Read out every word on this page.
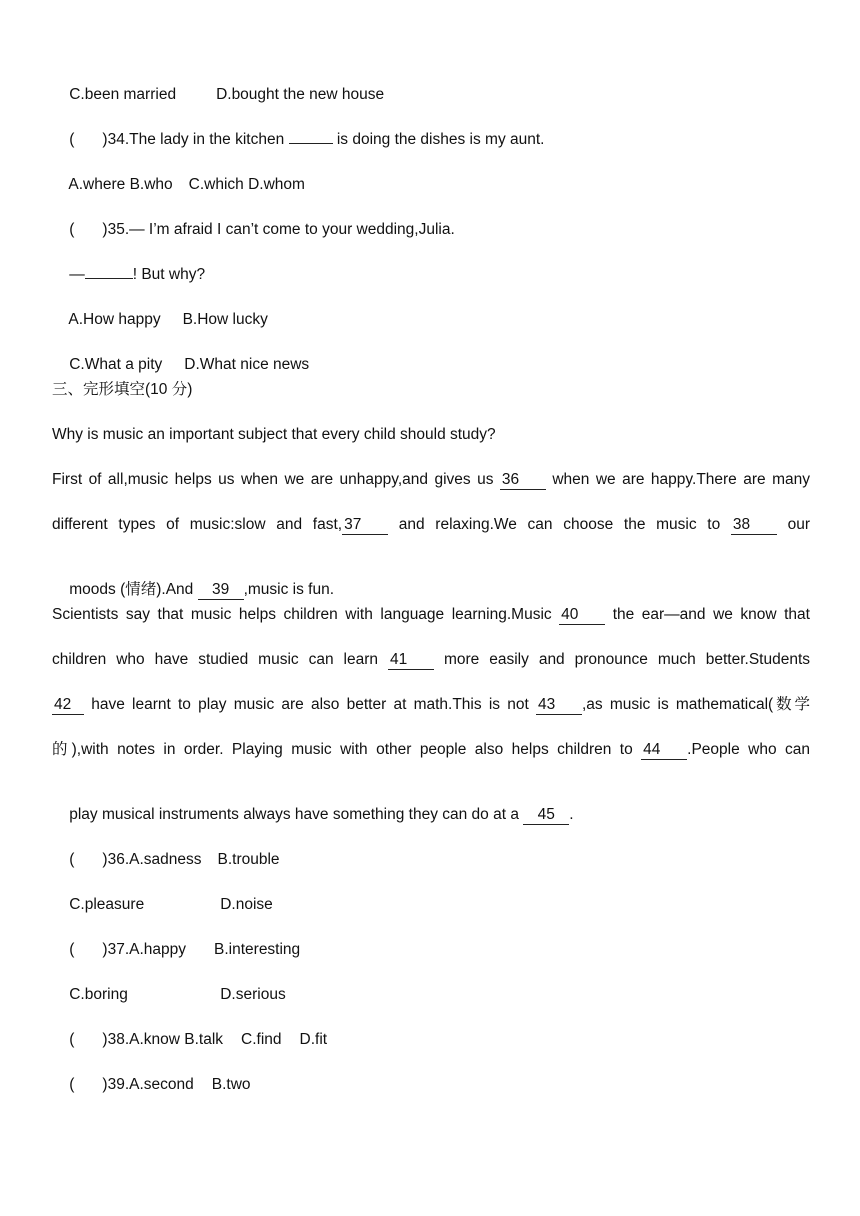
C.been married	D.bought the new house

( )34.The lady in the kitchen	is doing the dishes is my aunt.

A.where B.who C.which D.whom

( )35.— I’m afraid I can’t come to your wedding,Julia.

—	! But why?

A.How happy B.How lucky

C.What a pity D.What nice news

三、完形填空(10 分)
Why is music an important subject that every child should study?
First of all,music helps us when we are unhappy,and gives us 36 when we are happy.There are many
different types of music:slow and fast, 37 and relaxing.We can choose the music to 38 our

moods (情绪).And 39 ,music is fun.

Scientists say that music helps children with language learning.Music 40 the ear—and we know that
children who have studied music can learn 41 more easily and pronounce much better.Students
42 have learnt to play music are also better at math.This is not 43 ,as music is mathematical(数学
的),with notes in order. Playing music with other people also helps children to 44 .People who can

play musical instruments always have something they can do at a 45 .

( )36.A.sadness B.trouble

C.pleasure	D.noise

( )37.A.happy B.interesting

C.boring	D.serious

( )38.A.know B.talk C.find D.fit

( )39.A.second B.two
